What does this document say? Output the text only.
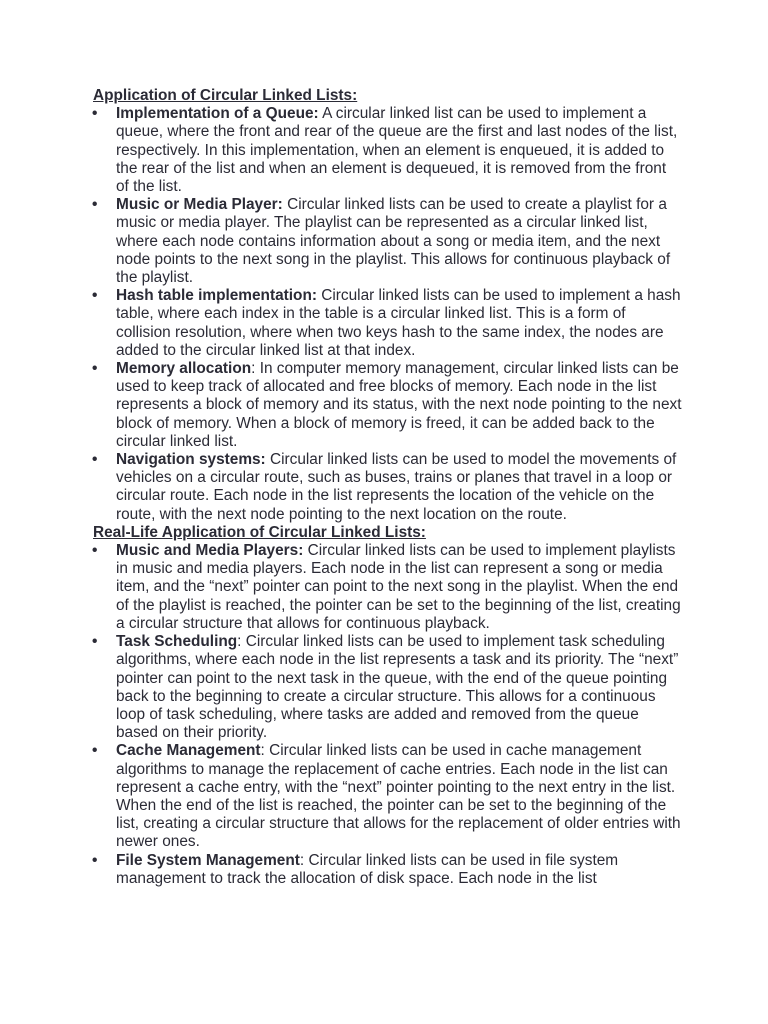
Application of Circular Linked Lists:

• Implementation of a Queue: A circular linked list can be used to implement a queue, where the front and rear of the queue are the first and last nodes of the list, respectively. In this implementation, when an element is enqueued, it is added to the rear of the list and when an element is dequeued, it is removed from the front of the list.
• Music or Media Player: Circular linked lists can be used to create a playlist for a music or media player. The playlist can be represented as a circular linked list, where each node contains information about a song or media item, and the next node points to the next song in the playlist. This allows for continuous playback of the playlist.
• Hash table implementation: Circular linked lists can be used to implement a hash table, where each index in the table is a circular linked list. This is a form of collision resolution, where when two keys hash to the same index, the nodes are added to the circular linked list at that index.
• Memory allocation: In computer memory management, circular linked lists can be used to keep track of allocated and free blocks of memory. Each node in the list represents a block of memory and its status, with the next node pointing to the next block of memory. When a block of memory is freed, it can be added back to the circular linked list.
• Navigation systems: Circular linked lists can be used to model the movements of vehicles on a circular route, such as buses, trains or planes that travel in a loop or circular route. Each node in the list represents the location of the vehicle on the route, with the next node pointing to the next location on the route.

Real-Life Application of Circular Linked Lists:

• Music and Media Players: Circular linked lists can be used to implement playlists in music and media players. Each node in the list can represent a song or media item, and the “next” pointer can point to the next song in the playlist. When the end of the playlist is reached, the pointer can be set to the beginning of the list, creating a circular structure that allows for continuous playback.
• Task Scheduling: Circular linked lists can be used to implement task scheduling algorithms, where each node in the list represents a task and its priority. The “next” pointer can point to the next task in the queue, with the end of the queue pointing back to the beginning to create a circular structure. This allows for a continuous loop of task scheduling, where tasks are added and removed from the queue based on their priority.
• Cache Management: Circular linked lists can be used in cache management algorithms to manage the replacement of cache entries. Each node in the list can represent a cache entry, with the “next” pointer pointing to the next entry in the list. When the end of the list is reached, the pointer can be set to the beginning of the list, creating a circular structure that allows for the replacement of older entries with newer ones.
• File System Management: Circular linked lists can be used in file system management to track the allocation of disk space. Each node in the list
